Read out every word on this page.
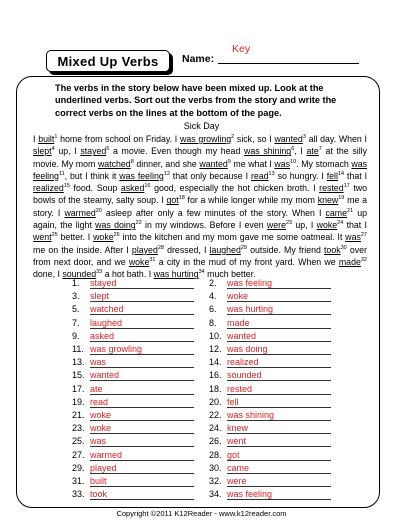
Key
Mixed Up Verbs Name:
The verbs in the story below have been mixed up. Look at the underlined verbs. Sort out the verbs from the story and write the correct verbs on the lines at the bottom of the page.
Sick Day
I built$^1$ home from school on Friday. I was growling$^2$ sick, so I wanted$^3$ all day. When I slept$^4$ up, I stayed$^5$ a movie. Even though my head was shining$^6$, I ate$^7$ at the silly movie. My mom watched$^8$ dinner, and she wanted$^9$ me what I was$^{10}$. My stomach was feeling$^{11}$, but I think it was feeling$^{12}$ that only because I read$^{13}$ so hungry. I fell$^{14}$ that I realized$^{15}$ food. Soup asked$^{16}$ good, especially the hot chicken broth. I rested$^{17}$ two bowls of the steamy, salty soup. I got$^{18}$ for a while longer while my mom knew$^{19}$ me a story. I warmed$^{20}$ asleep after only a few minutes of the story. When I came$^{21}$ up again, the light was doing$^{22}$ in my windows. Before I even were$^{23}$ up, I woke$^{24}$ that I went$^{25}$ better. I woke$^{26}$ into the kitchen and my mom gave me some oatmeal. It was$^{27}$ me on the inside. After I played$^{28}$ dressed, I laughed$^{29}$ outside. My friend took$^{30}$ over from next door, and we woke$^{31}$ a city in the mud of my front yard. When we made$^{32}$ done, I sounded$^{33}$ a hot bath. I was hurting$^{34}$ much better.
1.	stayed
3.	slept
5.	watched
7.	laughed
9.	asked
11. was growling
13. was
15. wanted
17. ate
19. read
21. woke
23. woke
25. was
27. warmed
29. played
31. built
33. took
2.	was feeling
4.	woke
6.	was hurting
8.	made
10. wanted
12. was doing
14. realized
16. sounded
18. rested
20. fell
22. was shining
24. knew
26. went
28. got
30. came
32. were
34. was feeling
Copyright ©2011 K12Reader - www.k12reader.com
